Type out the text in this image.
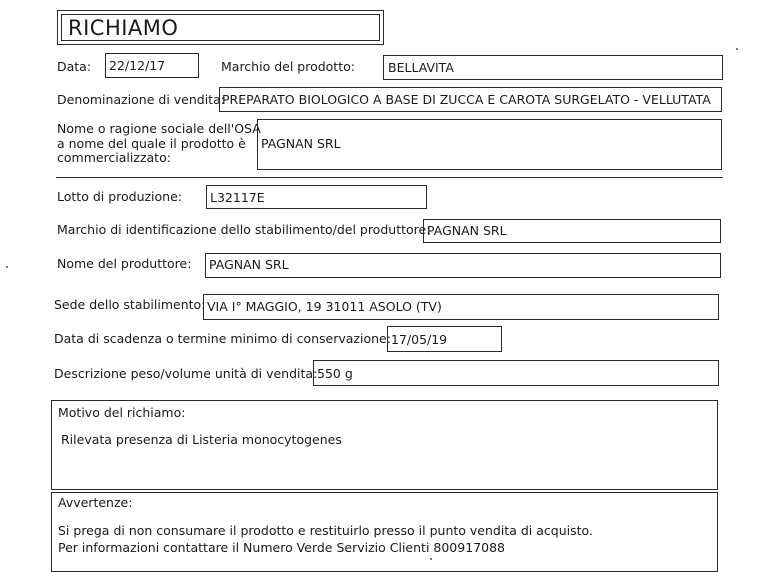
RICHIAMO
Data: 22/12/17	Marchio del prodotto:	BELLAVITA
Denominazione di vendita:
PREPARATO BIOLOGICO A BASE DI ZUCCA E CAROTA SURGELATO - VELLUTATA
Nome o ragione sociale dell'OSA
a nome del quale il prodotto è
commercializzato:
PAGNAN SRL
Lotto di produzione: L32117E
Marchio di identificazione dello stabilimento/del produttore:
PAGNAN SRL
Nome del produttore: PAGNAN SRL
Sede dello stabilimento: VIA I° MAGGIO, 19 31011 ASOLO (TV)
Data di scadenza o termine minimo di conservazione: 17/05/19
Descrizione peso/volume unità di vendita: 550 g
Motivo del richiamo:
Rilevata presenza di Listeria monocytogenes
Avvertenze:
Si prega di non consumare il prodotto e restituirlo presso il punto vendita di acquisto.
Per informazioni contattare il Numero Verde Servizio Clienti 800917088
